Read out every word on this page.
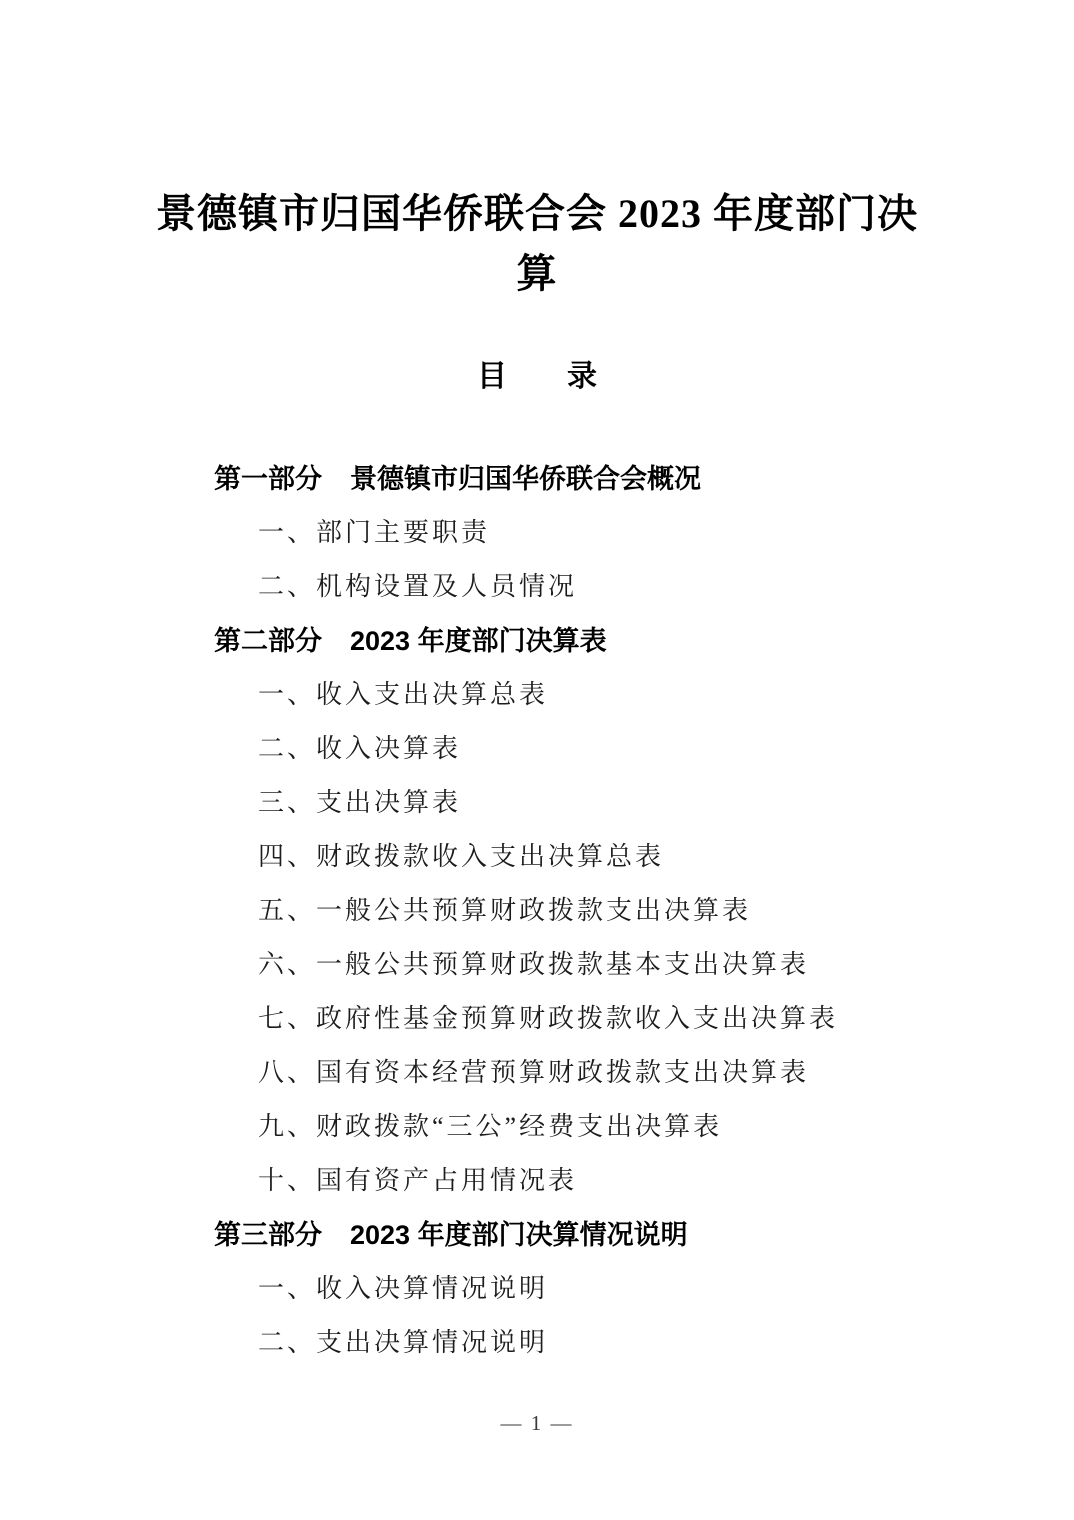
景德镇市归国华侨联合会 2023 年度部门决
算
目　　录
第一部分 景德镇市归国华侨联合会概况
一、部门主要职责
二、机构设置及人员情况
第二部分 2023 年度部门决算表
一、收入支出决算总表
二、收入决算表
三、支出决算表
四、财政拨款收入支出决算总表
五、一般公共预算财政拨款支出决算表
六、一般公共预算财政拨款基本支出决算表
七、政府性基金预算财政拨款收入支出决算表
八、国有资本经营预算财政拨款支出决算表
九、财政拨款“三公”经费支出决算表
十、国有资产占用情况表
第三部分 2023 年度部门决算情况说明
一、收入决算情况说明
二、支出决算情况说明
— 1 —
